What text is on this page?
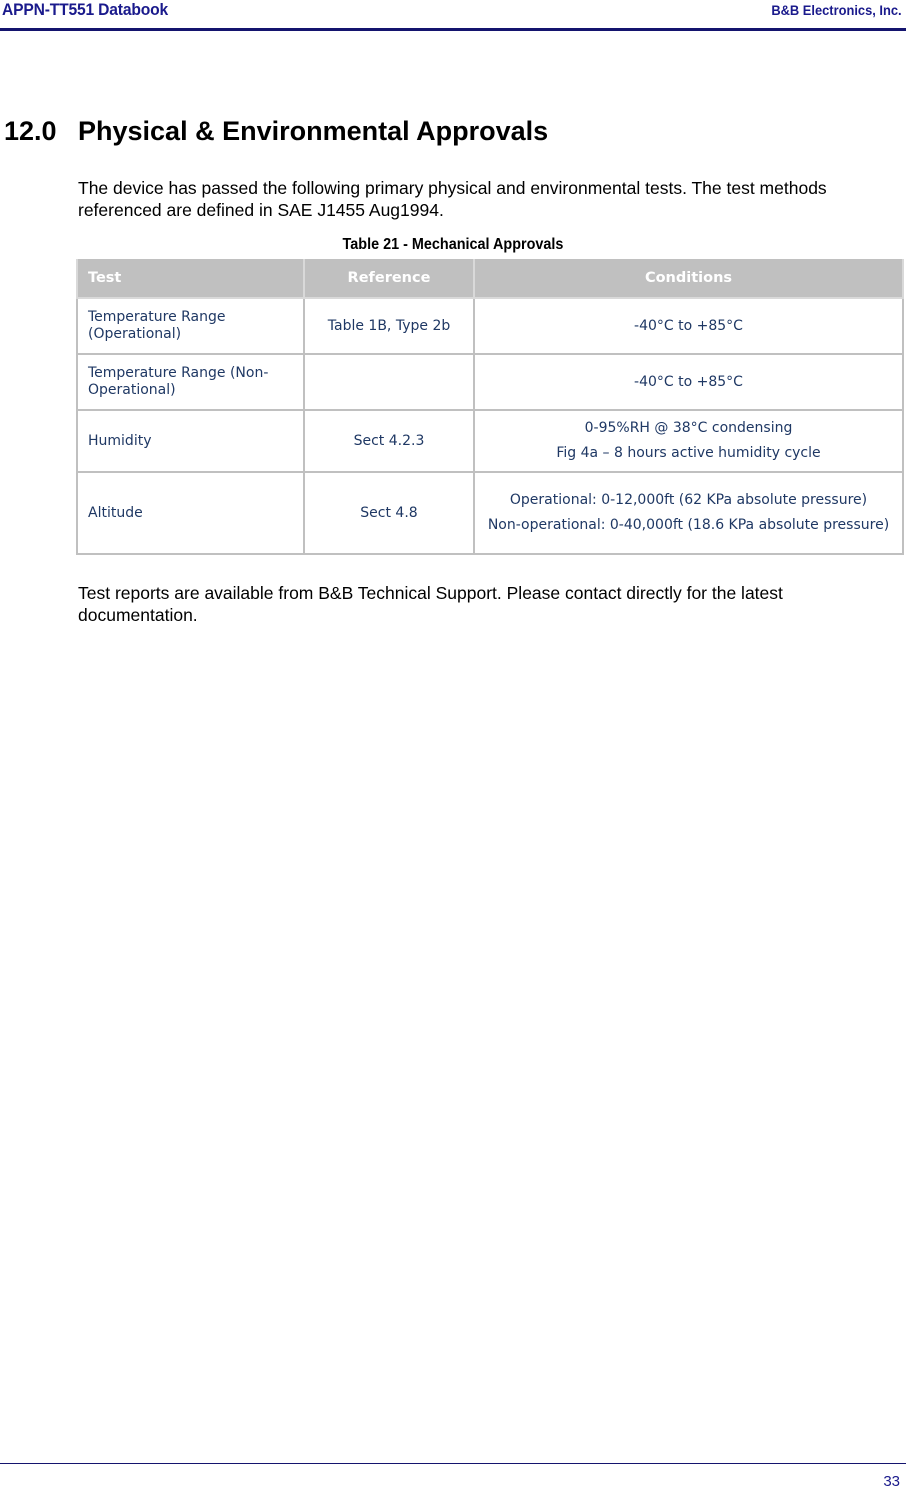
APPN-TT551 Databook	B&B Electronics, Inc.
12.0 Physical & Environmental Approvals
The device has passed the following primary physical and environmental tests. The test methods referenced are defined in SAE J1455 Aug1994.
Table 21 - Mechanical Approvals
Test	Reference	Conditions
Temperature Range (Operational)	Table 1B, Type 2b	-40°C to +85°C

Temperature Range (Non-Operational)		-40°C to +85°C

Humidity	Sect 4.2.3	0-95%RH @ 38°C condensing
Fig 4a – 8 hours active humidity cycle

Altitude	Sect 4.8	Operational: 0-12,000ft (62 KPa absolute pressure)
Non-operational: 0-40,000ft (18.6 KPa absolute pressure)
Test reports are available from B&B Technical Support. Please contact directly for the latest documentation.
33
